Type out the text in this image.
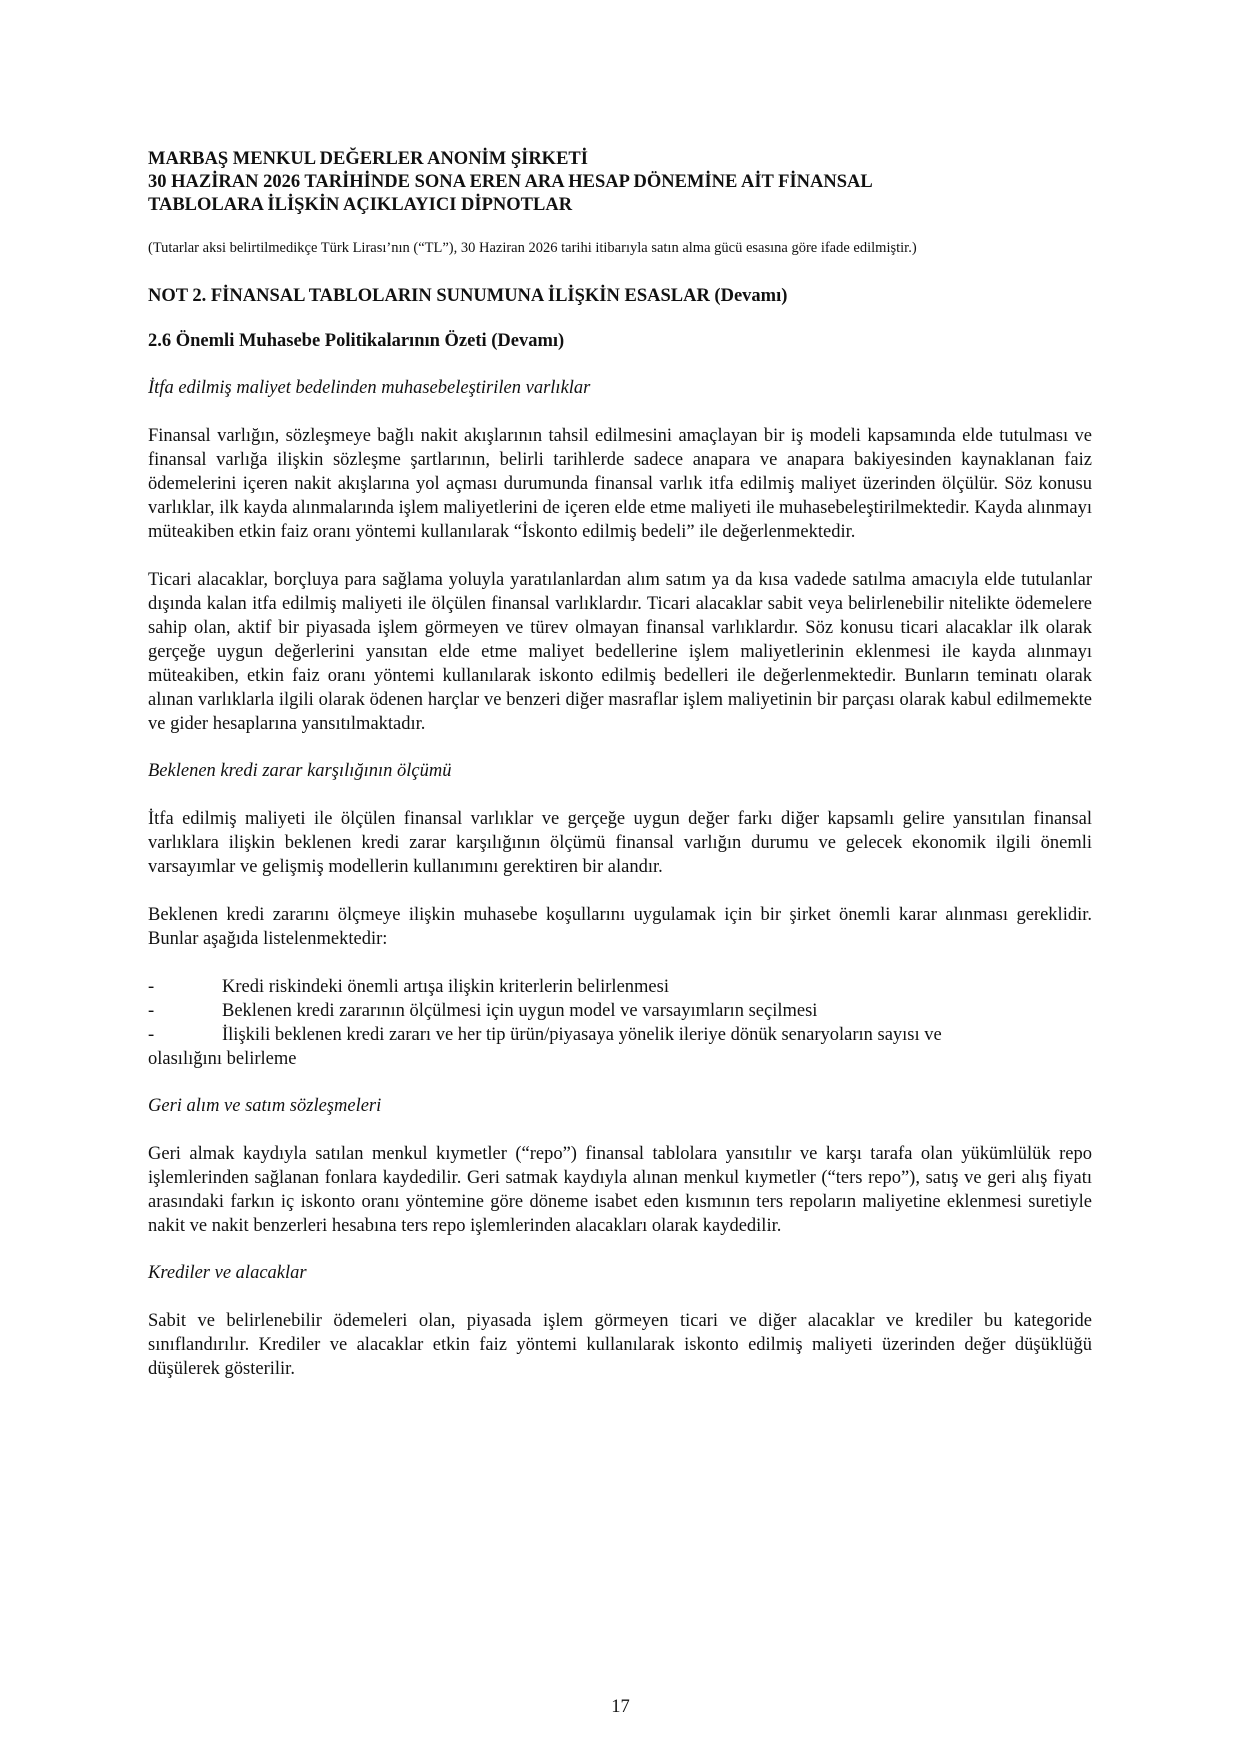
MARBAŞ MENKUL DEĞERLER ANONİM ŞİRKETİ
30 HAZİRAN 2026 TARİHİNDE SONA EREN ARA HESAP DÖNEMİNE AİT FİNANSAL
TABLOLARA İLİŞKİN AÇIKLAYICI DİPNOTLAR
(Tutarlar aksi belirtilmedikçe Türk Lirası’nın (“TL”), 30 Haziran 2026 tarihi itibarıyla satın alma gücü esasına göre ifade edilmiştir.)
NOT 2. FİNANSAL TABLOLARIN SUNUMUNA İLİŞKİN ESASLAR (Devamı)
2.6 Önemli Muhasebe Politikalarının Özeti (Devamı)
İtfa edilmiş maliyet bedelinden muhasebeleştirilen varlıklar
Finansal varlığın, sözleşmeye bağlı nakit akışlarının tahsil edilmesini amaçlayan bir iş modeli kapsamında elde tutulması ve finansal varlığa ilişkin sözleşme şartlarının, belirli tarihlerde sadece anapara ve anapara bakiyesinden kaynaklanan faiz ödemelerini içeren nakit akışlarına yol açması durumunda finansal varlık itfa edilmiş maliyet üzerinden ölçülür. Söz konusu varlıklar, ilk kayda alınmalarında işlem maliyetlerini de içeren elde etme maliyeti ile muhasebeleştirilmektedir. Kayda alınmayı müteakiben etkin faiz oranı yöntemi kullanılarak “İskonto edilmiş bedeli” ile değerlenmektedir.
Ticari alacaklar, borçluya para sağlama yoluyla yaratılanlardan alım satım ya da kısa vadede satılma amacıyla elde tutulanlar dışında kalan itfa edilmiş maliyeti ile ölçülen finansal varlıklardır. Ticari alacaklar sabit veya belirlenebilir nitelikte ödemelere sahip olan, aktif bir piyasada işlem görmeyen ve türev olmayan finansal varlıklardır. Söz konusu ticari alacaklar ilk olarak gerçeğe uygun değerlerini yansıtan elde etme maliyet bedellerine işlem maliyetlerinin eklenmesi ile kayda alınmayı müteakiben, etkin faiz oranı yöntemi kullanılarak iskonto edilmiş bedelleri ile değerlenmektedir. Bunların teminatı olarak alınan varlıklarla ilgili olarak ödenen harçlar ve benzeri diğer masraflar işlem maliyetinin bir parçası olarak kabul edilmemekte ve gider hesaplarına yansıtılmaktadır.
Beklenen kredi zarar karşılığının ölçümü
İtfa edilmiş maliyeti ile ölçülen finansal varlıklar ve gerçeğe uygun değer farkı diğer kapsamlı gelire yansıtılan finansal varlıklara ilişkin beklenen kredi zarar karşılığının ölçümü finansal varlığın durumu ve gelecek ekonomik ilgili önemli varsayımlar ve gelişmiş modellerin kullanımını gerektiren bir alandır.
Beklenen kredi zararını ölçmeye ilişkin muhasebe koşullarını uygulamak için bir şirket önemli karar alınması gereklidir. Bunlar aşağıda listelenmektedir:
-	Kredi riskindeki önemli artışa ilişkin kriterlerin belirlenmesi
-	Beklenen kredi zararının ölçülmesi için uygun model ve varsayımların seçilmesi
-	İlişkili beklenen kredi zararı ve her tip ürün/piyasaya yönelik ileriye dönük senaryoların sayısı ve
olasılığını belirleme
Geri alım ve satım sözleşmeleri
Geri almak kaydıyla satılan menkul kıymetler (“repo”) finansal tablolara yansıtılır ve karşı tarafa olan yükümlülük repo işlemlerinden sağlanan fonlara kaydedilir. Geri satmak kaydıyla alınan menkul kıymetler (“ters repo”), satış ve geri alış fiyatı arasındaki farkın iç iskonto oranı yöntemine göre döneme isabet eden kısmının ters repoların maliyetine eklenmesi suretiyle nakit ve nakit benzerleri hesabına ters repo işlemlerinden alacakları olarak kaydedilir.
Krediler ve alacaklar
Sabit ve belirlenebilir ödemeleri olan, piyasada işlem görmeyen ticari ve diğer alacaklar ve krediler bu kategoride sınıflandırılır. Krediler ve alacaklar etkin faiz yöntemi kullanılarak iskonto edilmiş maliyeti üzerinden değer düşüklüğü düşülerek gösterilir.
17
